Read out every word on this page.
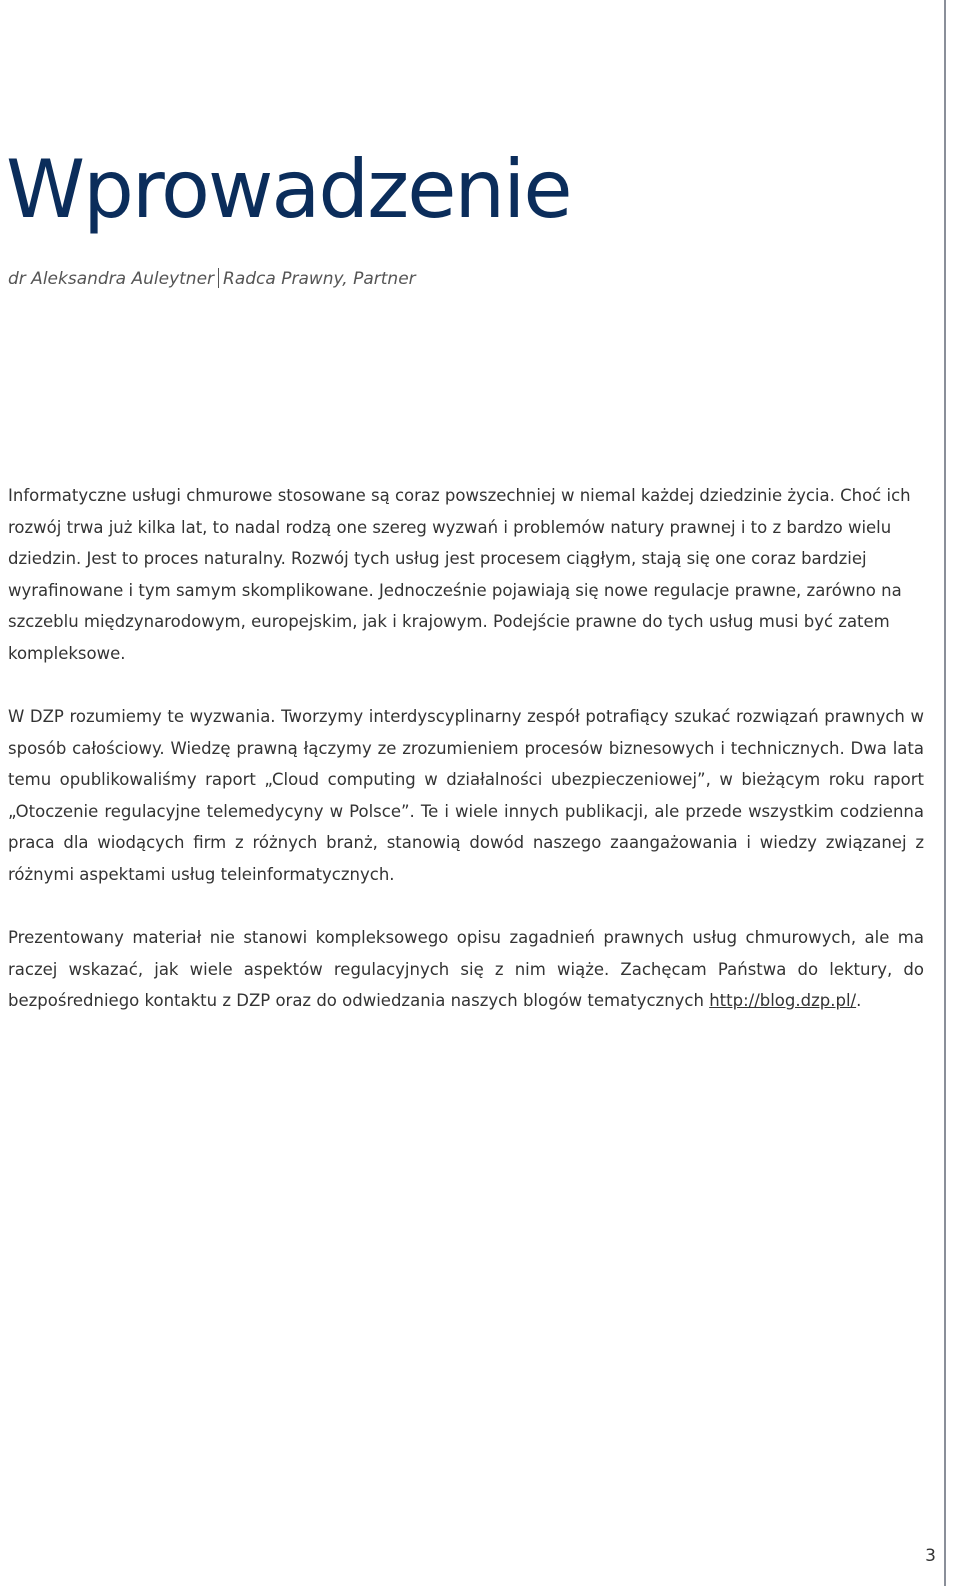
Wprowadzenie
dr Aleksandra Auleytner Radca Prawny, Partner

Informatyczne usługi chmurowe stosowane są coraz powszechniej w niemal każdej dziedzinie życia. Choć ich rozwój trwa już kilka lat, to nadal rodzą one szereg wyzwań i problemów natury prawnej i to z bardzo wielu dziedzin. Jest to proces naturalny. Rozwój tych usług jest procesem ciągłym, stają się one coraz bardziej wyrafinowane i tym samym skomplikowane. Jednocześnie pojawiają się nowe regulacje prawne, zarówno na szczeblu międzynarodowym, europejskim, jak i krajowym. Podejście prawne do tych usług musi być zatem kompleksowe.

W DZP rozumiemy te wyzwania. Tworzymy interdyscyplinarny zespół potrafiący szukać rozwiązań prawnych w sposób całościowy. Wiedzę prawną łączymy ze zrozumieniem procesów biznesowych i technicznych. Dwa lata temu opublikowaliśmy raport „Cloud computing w działalności ubezpieczeniowej”, w bieżącym roku raport „Otoczenie regulacyjne telemedycyny w Polsce”. Te i wiele innych publikacji, ale przede wszystkim codzienna praca dla wiodących firm z różnych branż, stanowią dowód naszego zaangażowania i wiedzy związanej z różnymi aspektami usług teleinformatycznych.

Prezentowany materiał nie stanowi kompleksowego opisu zagadnień prawnych usług chmurowych, ale ma raczej wskazać, jak wiele aspektów regulacyjnych się z nim wiąże. Zachęcam Państwa do lektury, do bezpośredniego kontaktu z DZP oraz do odwiedzania naszych blogów tematycznych http://blog.dzp.pl/.

3
